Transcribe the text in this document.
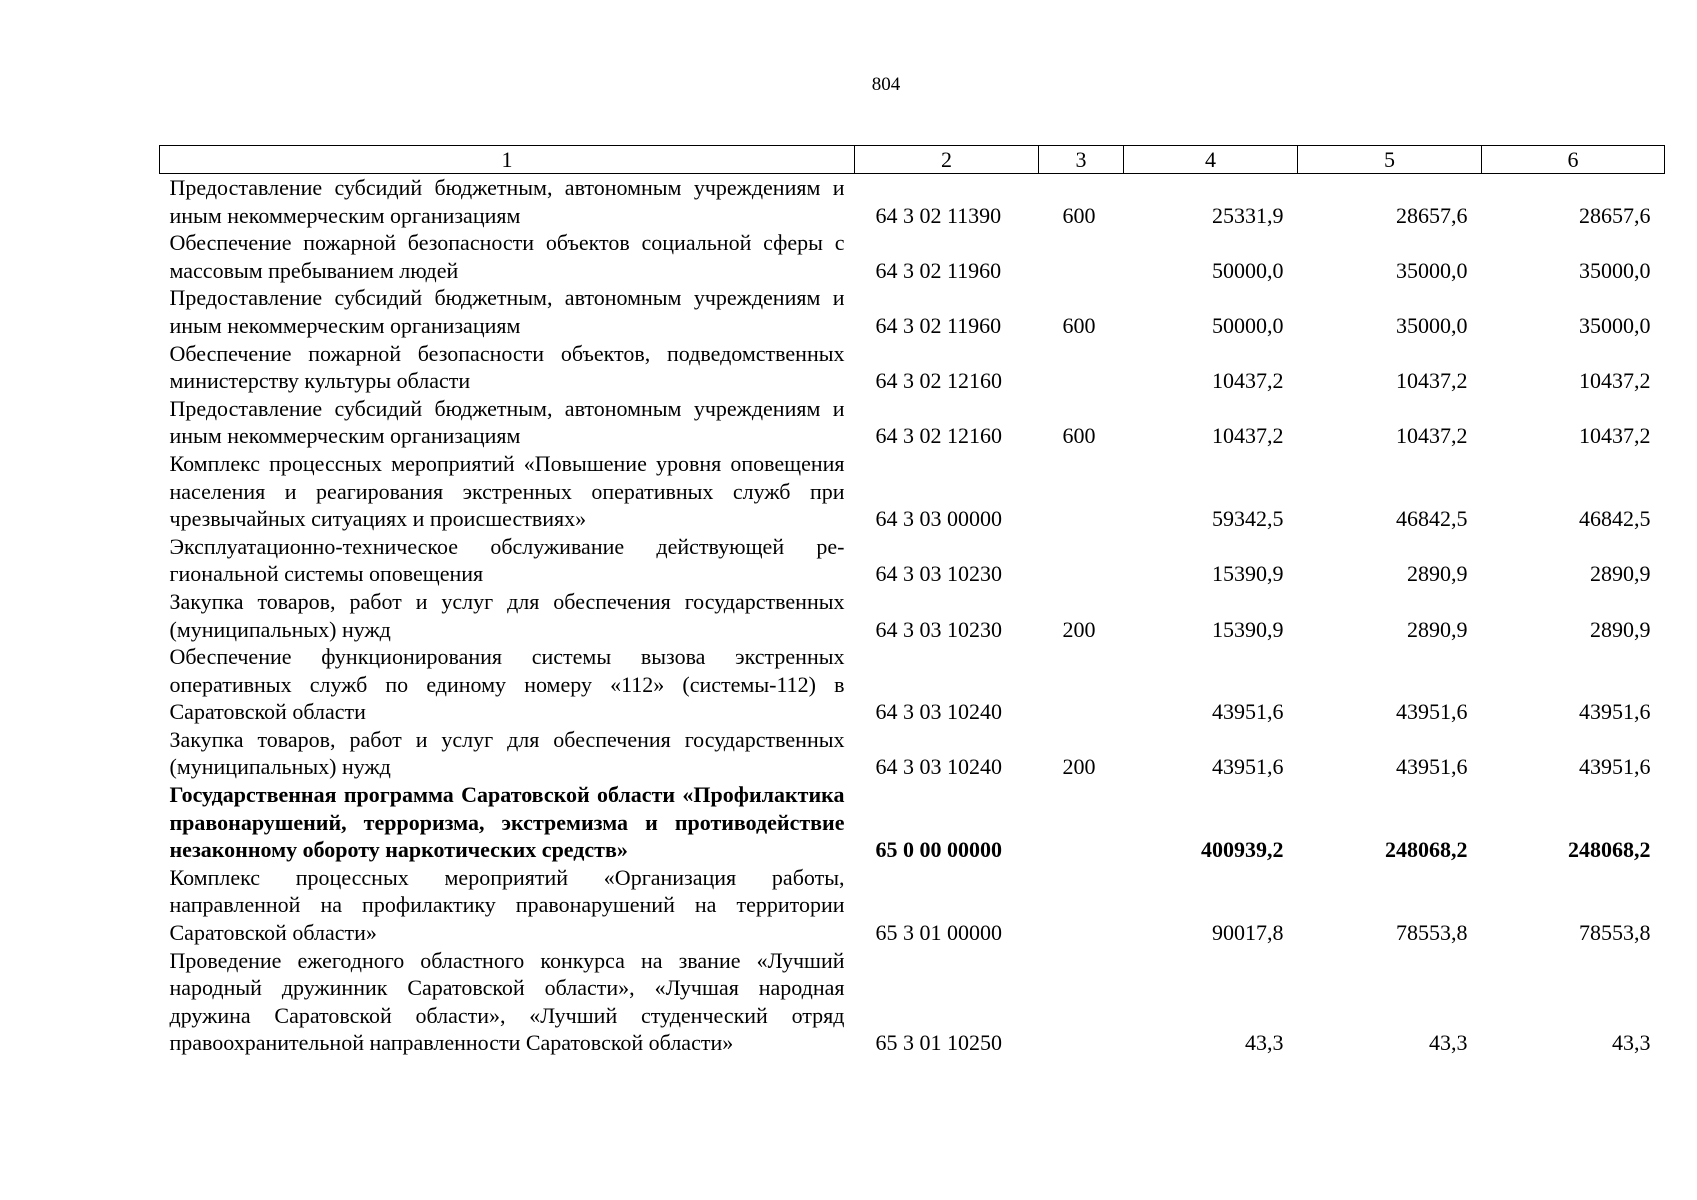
804
1	2	3	4	5	6
Предоставление субсидий бюджетным, автономным учреждениям и иным некоммерческим организациям	64 3 02 11390	600	25331,9	28657,6	28657,6
Обеспечение пожарной безопасности объектов социальной сферы с массовым пребыванием людей	64 3 02 11960		50000,0	35000,0	35000,0
Предоставление субсидий бюджетным, автономным учреждениям и иным некоммерческим организациям	64 3 02 11960	600	50000,0	35000,0	35000,0
Обеспечение пожарной безопасности объектов, подведомственных министерству культуры области	64 3 02 12160		10437,2	10437,2	10437,2
Предоставление субсидий бюджетным, автономным учреждениям и иным некоммерческим организациям	64 3 02 12160	600	10437,2	10437,2	10437,2
Комплекс процессных мероприятий «Повышение уровня оповещения населения и реагирования экстренных оперативных служб при чрезвычайных ситуациях и происшествиях»	64 3 03 00000		59342,5	46842,5	46842,5
Эксплуатационно-техническое обслуживание действующей региональной системы оповещения	64 3 03 10230		15390,9	2890,9	2890,9
Закупка товаров, работ и услуг для обеспечения государственных (муниципальных) нужд	64 3 03 10230	200	15390,9	2890,9	2890,9
Обеспечение функционирования системы вызова экстренных оперативных служб по единому номеру «112» (системы-112) в Саратовской области	64 3 03 10240		43951,6	43951,6	43951,6
Закупка товаров, работ и услуг для обеспечения государственных (муниципальных) нужд	64 3 03 10240	200	43951,6	43951,6	43951,6
Государственная программа Саратовской области «Профилактика правонарушений, терроризма, экстремизма и противодействие незаконному обороту наркотических средств»	65 0 00 00000		400939,2	248068,2	248068,2
Комплекс процессных мероприятий «Организация работы, направленной на профилактику правонарушений на территории Саратовской области»	65 3 01 00000		90017,8	78553,8	78553,8
Проведение ежегодного областного конкурса на звание «Лучший народный дружинник Саратовской области», «Лучшая народная дружина Саратовской области», «Лучший студенческий отряд правоохранительной направленности Саратовской области»	65 3 01 10250		43,3	43,3	43,3
